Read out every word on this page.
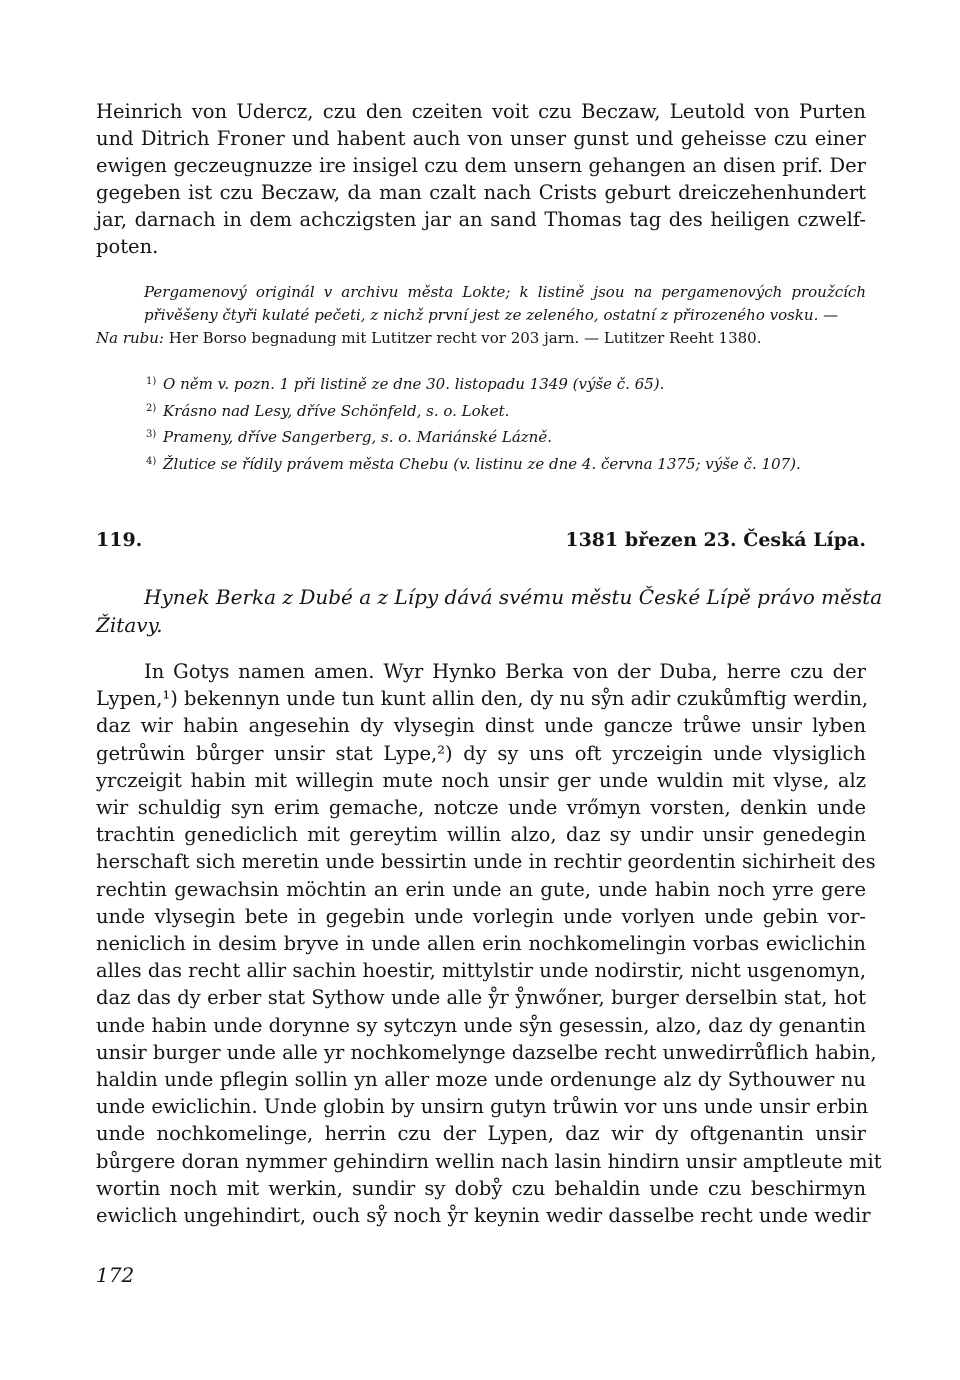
Heinrich von Udercz, czu den czeiten voit czu Beczaw, Leutold von Purten
und Ditrich Froner und habent auch von unser gunst und geheisse czu einer
ewigen geczeugnuzze ire insigel czu dem unsern gehangen an disen prif. Der
gegeben ist czu Beczaw, da man czalt nach Crists geburt dreiczehenhundert
jar, darnach in dem achczigsten jar an sand Thomas tag des heiligen czwelf-
poten.

Pergamenový originál v archivu města Lokte; k listině jsou na pergamenových proužcích přivěšeny čtyři kulaté pečeti, z nichž první jest ze zeleného, ostatní z přirozeného vosku. —
Na rubu: Her Borso begnadung mit Lutitzer recht vor 203 jarn. — Lutitzer Reeht 1380.
$^{1)}$ O něm v. pozn. 1 při listině ze dne 30. listopadu 1349 (výše č. 65).
$^{2)}$ Krásno nad Lesy, dříve Schönfeld, s. o. Loket.
$^{3)}$ Prameny, dříve Sangerberg, s. o. Mariánské Lázně.
$^{4)}$ Žlutice se řídily právem města Chebu (v. listinu ze dne 4. června 1375; výše č. 107).
119.	1381 březen 23. Česká Lípa.
Hynek Berka z Dubé a z Lípy dává svému městu České Lípě právo města
Žitavy.
In Gotys namen amen. Wyr Hynko Berka von der Duba, herre czu der
Lypen,¹) bekennyn unde tun kunt allin den, dy nu sẙn adir czukůmftig werdin,
daz wir habin angesehin dy vlysegin dinst unde gancze trůwe unsir lyben
getrůwin bůrger unsir stat Lype,²) dy sy uns oft yrczeigin unde vlysiglich
yrczeigit habin mit willegin mute noch unsir ger unde wuldin mit vlyse, alz
wir schuldig syn erim gemache, notcze unde vrőmyn vorsten, denkin unde
trachtin genediclich mit gereytim willin alzo, daz sy undir unsir genedegin
herschaft sich meretin unde bessirtin unde in rechtir geordentin sichirheit des
rechtin gewachsin möchtin an erin unde an gute, unde habin noch yrre gere
unde vlysegin bete in gegebin unde vorlegin unde vorlyen unde gebin vor-
neniclich in desim bryve in unde allen erin nochkomelingin vorbas ewiclichin
alles das recht allir sachin hoestir, mittylstir unde nodirstir, nicht usgenomyn,
daz das dy erber stat Sythow unde alle ẙr ẙnwőner, burger derselbin stat, hot
unde habin unde dorynne sy sytczyn unde sẙn gesessin, alzo, daz dy genantin
unsir burger unde alle yr nochkomelynge dazselbe recht unwedirrůflich habin,
haldin unde pflegin sollin yn aller moze unde ordenunge alz dy Sythouwer nu
unde ewiclichin. Unde globin by unsirn gutyn trůwin vor uns unde unsir erbin
unde nochkomelinge, herrin czu der Lypen, daz wir dy oftgenantin unsir
bůrgere doran nymmer gehindirn wellin nach lasin hindirn unsir amptleute mit
wortin noch mit werkin, sundir sy dobẙ czu behaldin unde czu beschirmyn
ewiclich ungehindirt, ouch sẙ noch ẙr keynin wedir dasselbe recht unde wedir
172
